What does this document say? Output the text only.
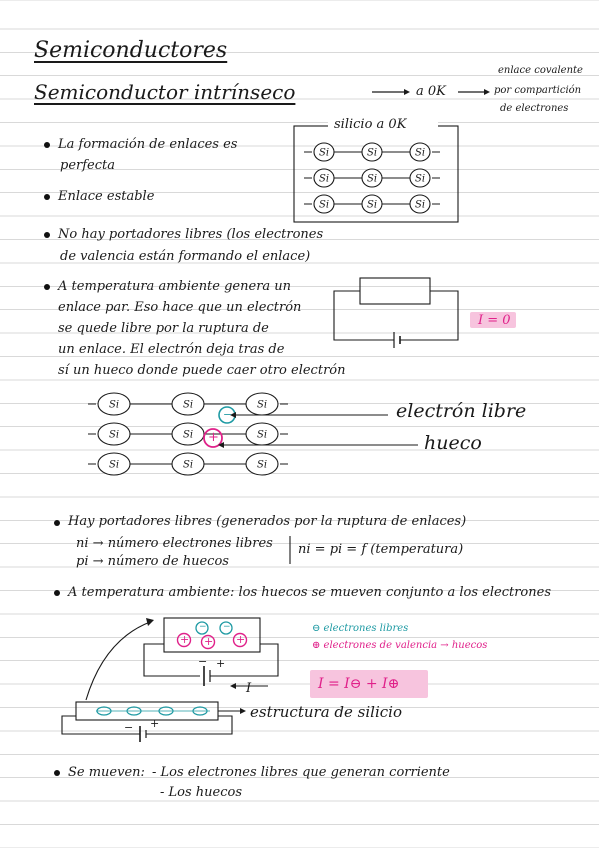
Semiconductores
Semiconductor intrínseco	a 0K
enlace covalente
por compartición
de electrones
La formación de enlaces es
perfecta
Enlace estable
Si	Si	Si
Si	Si	Si
Si	Si	Si
silicio a 0K
No hay portadores libres (los electrones
de valencia están formando el enlace)
A temperatura ambiente genera un
enlace par. Eso hace que un electrón
se quede libre por la ruptura de
un enlace. El electrón deja tras de
sí un hueco donde puede caer otro electrón
I = 0
Si	Si	Si
Si	Si	Si
Si	Si	Si
−
+
electrón libre
hueco
Hay portadores libres (generados por la ruptura de enlaces)
ni → número electrones libres
pi → número de huecos
ni = pi = f (temperatura)
A temperatura ambiente: los huecos se mueven conjunto a los electrones
− −
+ + +
− +
I
⊖ electrones libres
⊕ electrones de valencia → huecos
I = I⊖ + I⊕
estructura de silicio
− +
Se mueven: - Los electrones libres que generan corriente
- Los huecos
